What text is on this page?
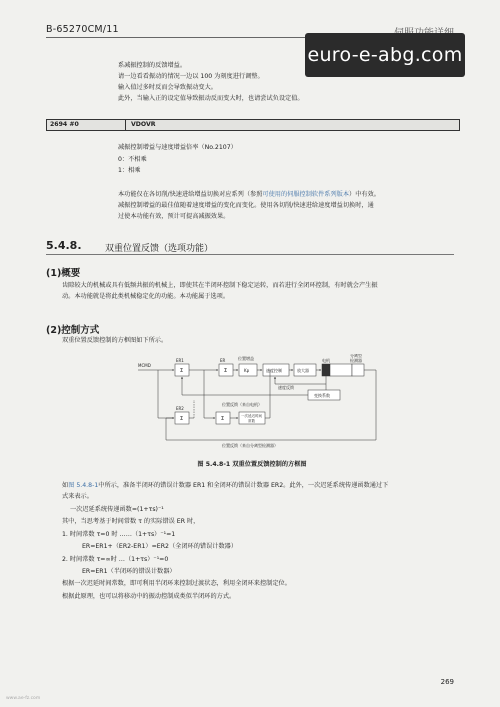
B-65270CM/11
euro-e-abg.com
系减振控制的反馈增益。
请一边看看振动的情况一边以 100 为刻度进行调整。
输入值过多时反而会导致振动变大。
此外，当输入正的设定值导致振动反而变大时，也请尝试负设定值。
2694 #0	VDOVR
减振控制增益与速度增益倍率（No.2107）
0：不相乘
1：相乘
本功能仅在各切削/快速进给增益切换对应系列（参照可使用的伺服控制软件系列版本）中有效。
减振控制增益的最佳值随着速度增益的变化而变化。使用各切削/快速进给速度增益切换时，通
过使本功能有效，预计可提高减振效果。
5.4.8.	双重位置反馈（选项功能）
(1)概要
齿隙较大的机械或具有低频共振的机械上，即使其在半闭环控制下稳定运转，而若进行全闭环控制，有时就会产生振
动。本功能就是将此类机械稳定化的功能。本功能属于选项。
(2)控制方式
双重位置反馈控制的方框图如下所示。
MCMD
ER1
Σ
ER
Σ
位置增益
Kp	速度控制	放大器
电机
分离型
检测器
速度反馈
变换系数
位置反馈（来自电机）
ER2
Σ	Σ	一次延迟时间
常数
位置反馈（来自分离型检测器）
图 5.4.8-1 双重位置反馈控制的方框图
如图 5.4.8-1中所示，准备半闭环的错误计数器 ER1 和全闭环的错误计数器 ER2。此外，一次迟延系统传递函数通过下
式来表示。
一次迟延系统传递函数=(1+τs)⁻¹
其中，当思考基于时间常数 τ 的实际错误 ER 时，
1. 时间常数 τ=0 时 ……（1+τs）⁻¹=1
ER=ER1+（ER2-ER1）=ER2（全闭环的错误计数器）
2. 时间常数 τ=∞时 …（1+τs）⁻¹=0
ER=ER1（半闭环的错误计数器）
根据一次迟延时间常数，即可利用半闭环来控制过渡状态，利用全闭环来控制定位。
根据此原理，也可以将移动中的振动控制成类似半闭环的方式。
269
www.ae-fz.com
